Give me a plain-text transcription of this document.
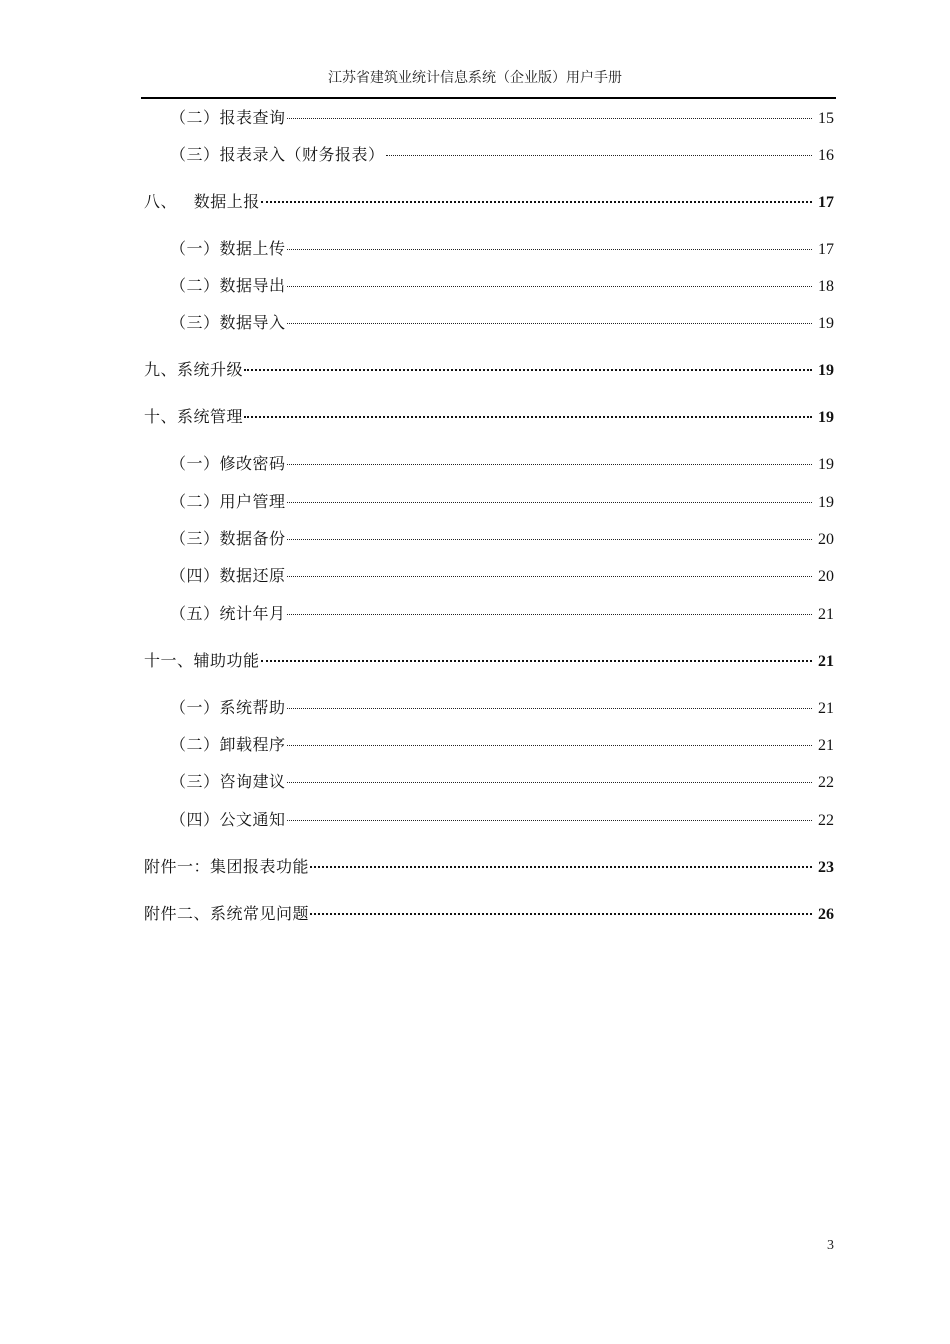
江苏省建筑业统计信息系统（企业版）用户手册
（二）报表查询	15
（三）报表录入（财务报表）	16
八、   数据上报	17
（一）数据上传	17
（二）数据导出	18
（三）数据导入	19
九、系统升级	19
十、系统管理	19
（一）修改密码	19
（二）用户管理	19
（三）数据备份	20
（四）数据还原	20
（五）统计年月	21
十一、辅助功能	21
（一）系统帮助	21
（二）卸载程序	21
（三）咨询建议	22
（四）公文通知	22
附件一：集团报表功能	23
附件二、系统常见问题	26
3
